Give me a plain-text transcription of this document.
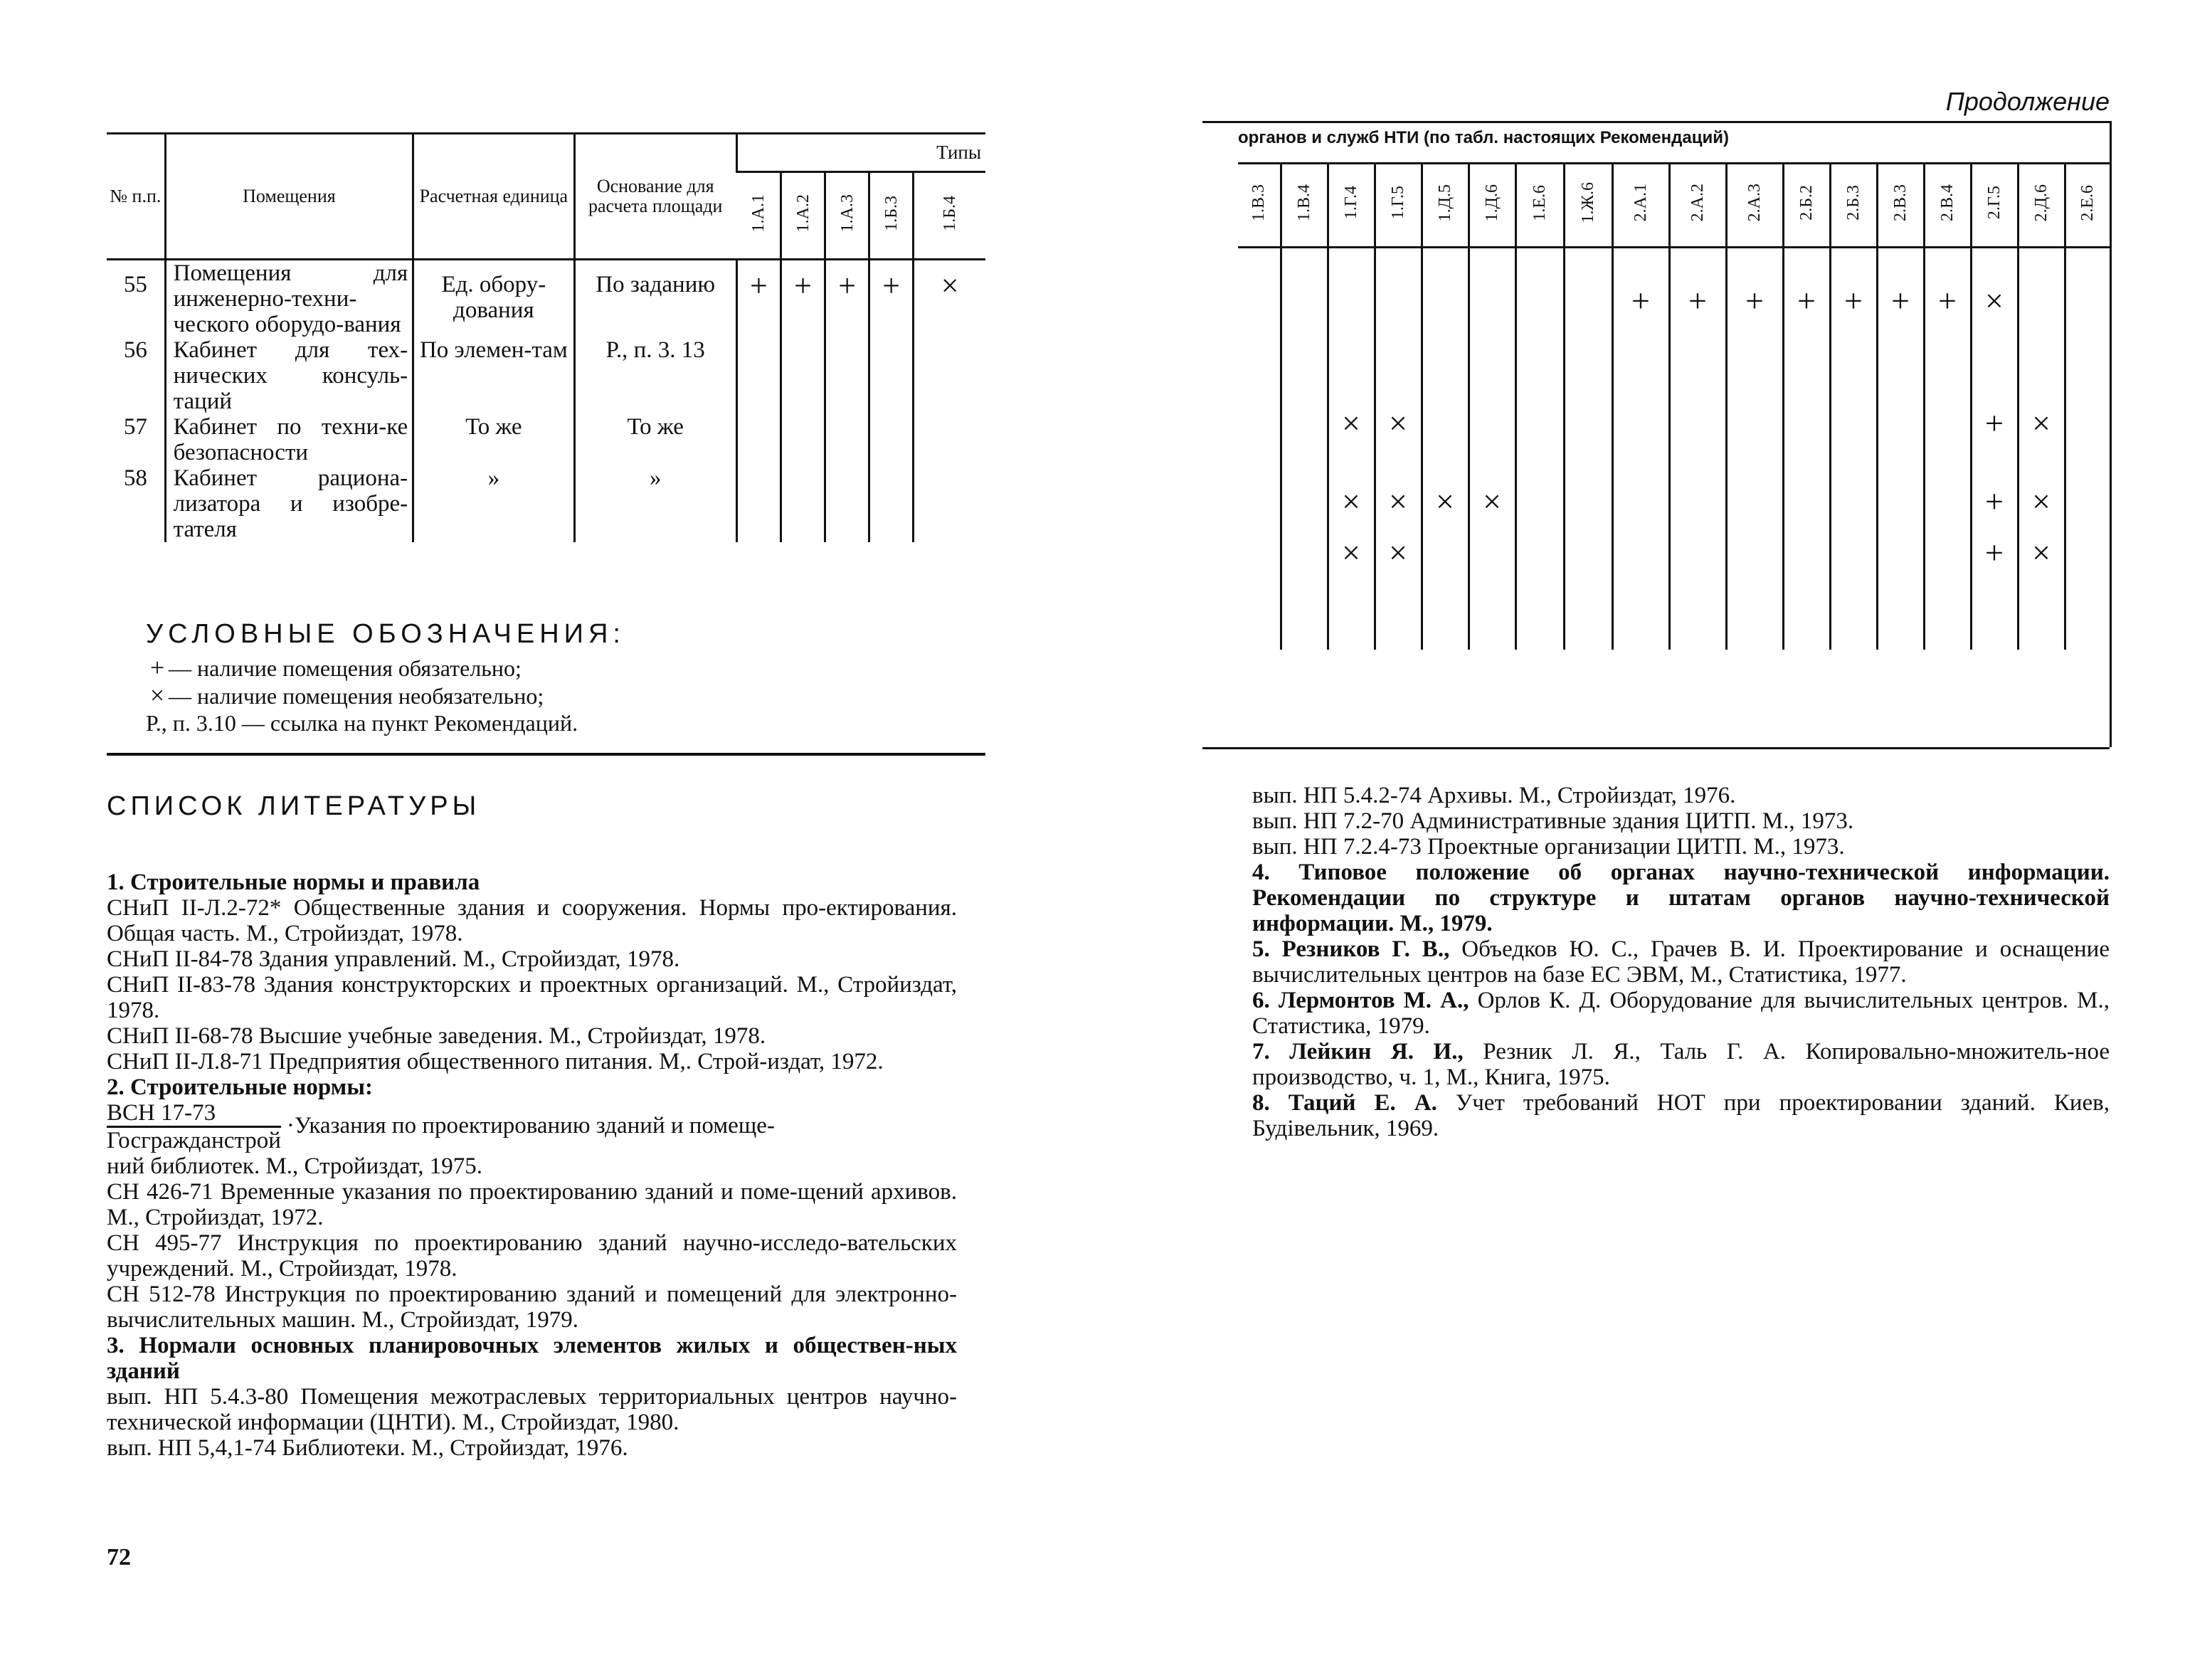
№ п.п.	Помещения	Расчетная единица	Основание для расчета площади	Типы				
				1.А.1	1.А.2	1.А.3	1.Б.3	1.Б.4
55	Помещения для инженерно-техни-ческого оборудо-вания	Ед. обору-дования	По заданию	+	+	+	+	×
56	Кабинет для тех-нических консуль-таций	По элемен-там	Р., п. 3. 13					
57	Кабинет по техни-ке безопасности	То же	То же					
58	Кабинет рациона-лизатора и изобре-тателя	»	»					
УСЛОВНЫЕ ОБОЗНАЧЕНИЯ:
+ — наличие помещения обязательно;
× — наличие помещения необязательно;
Р., п. 3.10 — ссылка на пункт Рекомендаций.
СПИСОК ЛИТЕРАТУРЫ

1. Строительные нормы и правила

СНиП II-Л.2-72* Общественные здания и сооружения. Нормы про-ектирования. Общая часть. М., Стройиздат, 1978.

СНиП II-84-78 Здания управлений. М., Стройиздат, 1978.

СНиП II-83-78 Здания конструкторских и проектных организаций. М., Стройиздат, 1978.

СНиП II-68-78 Высшие учебные заведения. М., Стройиздат, 1978.

СНиП II-Л.8-71 Предприятия общественного питания. М,. Строй-издат, 1972.

2. Строительные нормы:

ВСН 17-73
Госгражданстрой
·Указания по проектированию зданий и помеще-

ний библиотек. М., Стройиздат, 1975.

СН 426-71 Временные указания по проектированию зданий и поме-щений архивов. М., Стройиздат, 1972.

СН 495-77 Инструкция по проектированию зданий научно-исследо-вательских учреждений. М., Стройиздат, 1978.

СН 512-78 Инструкция по проектированию зданий и помещений для электронно-вычислительных машин. М., Стройиздат, 1979.

3. Нормали основных планировочных элементов жилых и обществен-ных зданий

вып. НП 5.4.3-80 Помещения межотраслевых территориальных центров научно-технической информации (ЦНТИ). М., Стройиздат, 1980.

вып. НП 5,4,1-74 Библиотеки. М., Стройиздат, 1976.

72
Продолжение
органов и служб НТИ (по табл. настоящих Рекомендаций)
1.В.3	1.В.4	1.Г.4	1.Г.5	1.Д.5	1.Д.6	1.Е.6	1.Ж.6	2.А.1	2.А.2	2.А.3	2.Б.2	2.Б.3	2.В.3	2.В.4	2.Г.5	2.Д.6	2.Е.6

								+	+	+	+	+	+	+	×		

		×	×												+	×	

		×	×	×	×										+	×	
		×	×												+	×	

вып. НП 5.4.2-74 Архивы. М., Стройиздат, 1976.

вып. НП 7.2-70 Административные здания ЦИТП. М., 1973.

вып. НП 7.2.4-73 Проектные организации ЦИТП. М., 1973.

4. Типовое положение об органах научно-технической информации. Рекомендации по структуре и штатам органов научно-технической информации. М., 1979.

5. Резников Г. В., Объедков Ю. С., Грачев В. И. Проектирование и оснащение вычислительных центров на базе ЕС ЭВМ, М., Статистика, 1977.

6. Лермонтов М. А., Орлов К. Д. Оборудование для вычислительных центров. М., Статистика, 1979.

7. Лейкин Я. И., Резник Л. Я., Таль Г. А. Копировально-множитель-ное производство, ч. 1, М., Книга, 1975.

8. Таций Е. А. Учет требований НОТ при проектировании зданий. Киев, Будівельник, 1969.
